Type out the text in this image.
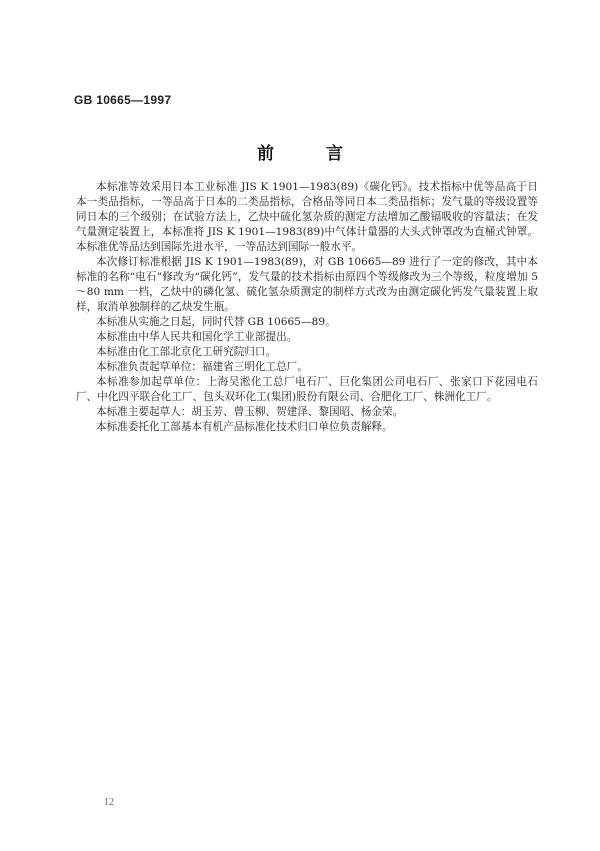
GB 10665—1997
前	言

本标准等效采用日本工业标准 JIS K 1901—1983(89)《碳化钙》。技术指标中优等品高于日本一类品指标，一等品高于日本的二类品指标，合格品等同日本二类品指标；发气量的等级设置等同日本的三个级别；在试验方法上，乙炔中硫化氢杂质的测定方法增加乙酸镉吸收的容量法；在发气量测定装置上，本标准将 JIS K 1901—1983(89)中气体计量器的大头式钟罩改为直桶式钟罩。本标准优等品达到国际先进水平，一等品达到国际一般水平。

本次修订标准根据 JIS K 1901—1983(89)，对 GB 10665—89 进行了一定的修改，其中本标准的名称“电石”修改为“碳化钙”，发气量的技术指标由原四个等级修改为三个等级，粒度增加 5～80 mm 一档，乙炔中的磷化氢、硫化氢杂质测定的制样方式改为由测定碳化钙发气量装置上取样，取消单独制样的乙炔发生瓶。

本标准从实施之日起，同时代替 GB 10665—89。

本标准由中华人民共和国化学工业部提出。

本标准由化工部北京化工研究院归口。

本标准负责起草单位：福建省三明化工总厂。

本标准参加起草单位：上海吴淞化工总厂电石厂、巨化集团公司电石厂、张家口下花园电石厂、中化四平联合化工厂、包头双环化工(集团)股份有限公司、合肥化工厂、株洲化工厂。

本标准主要起草人：胡玉芳、曾玉柳、贺建泽、黎国昭、杨金荣。

本标准委托化工部基本有机产品标准化技术归口单位负责解释。

12
